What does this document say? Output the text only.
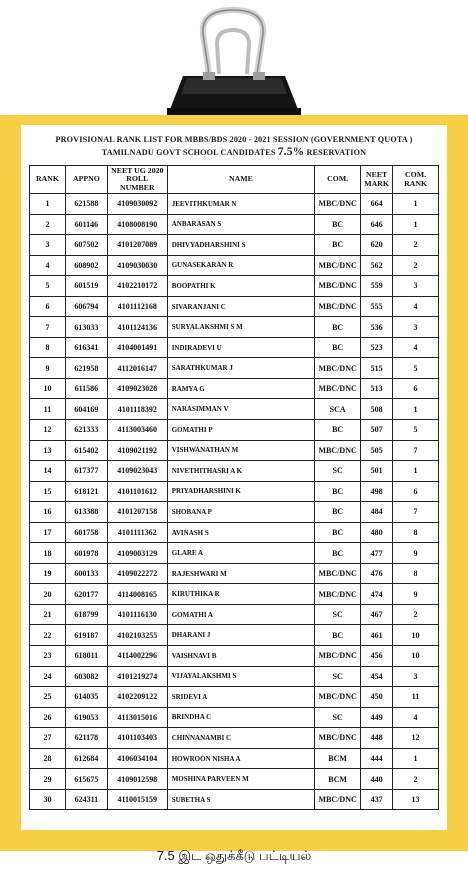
PROVISIONAL RANK LIST FOR MBBS/BDS 2020 - 2021 SESSION (GOVERNMENT QUOTA )
TAMILNADU GOVT SCHOOL CANDIDATES 7.5% RESERVATION
RANK	APPNO	NEET UG 2020 ROLL NUMBER	NAME	COM.	NEET MARK	COM. RANK
1	621588	4109030092	JEEVITHKUMAR N	MBC/DNC	664	1
2	601146	4108008190	ANBARASAN S	BC	646	1
3	607502	4101207089	DHIVYADHARSHINI S	BC	620	2
4	608902	4109030030	GUNASEKARAN R	MBC/DNC	562	2
5	601519	4102210172	BOOPATHI K	MBC/DNC	559	3
6	606794	4101112168	SIVARANJANI C	MBC/DNC	555	4
7	613033	4101124136	SURYALAKSHMI S M	BC	536	3
8	616341	4104001491	INDIRADEVI U	BC	523	4
9	621958	4112016147	SARATHKUMAR J	MBC/DNC	515	5
10	611586	4109023028	RAMYA G	MBC/DNC	513	6
11	604169	4101118392	NARASIMMAN V	SCA	508	1
12	621333	4113003460	GOMATHI P	BC	507	5
13	615402	4109021192	VISHWANATHAN M	MBC/DNC	505	7
14	617377	4109023043	NIVETHITHASRI A K	SC	501	1
15	618121	4101101612	PRIYADHARSHINI K	BC	498	6
16	613388	4101207158	SHOBANA P	BC	484	7
17	601758	4101111362	AVINASH S	BC	480	8
18	601978	4109003129	GLARE A	BC	477	9
19	600133	4109022272	RAJESHWARI M	MBC/DNC	476	8
20	620177	4114008165	KIRUTHIKA R	MBC/DNC	474	9
21	618799	4101116130	GOMATHI A	SC	467	2
22	619187	4102103255	DHARANI J	BC	461	10
23	618011	4114002296	VAISHNAVI B	MBC/DNC	456	10
24	603082	4101219274	VIJAYALAKSHMI S	SC	454	3
25	614035	4102209122	SRIDEVI A	MBC/DNC	450	11
26	619053	4113015016	BRINDHA C	SC	449	4
27	621178	4101103403	CHINNANAMBI C	MBC/DNC	448	12
28	612684	4106034104	HOWROON NISHA A	BCM	444	1
29	615675	4109012598	MOSHINA PARVEEN M	BCM	440	2
30	624311	4110015159	SUBETHA S	MBC/DNC	437	13
7.5 இட ஒதுக்கீடு பட்டியல்
